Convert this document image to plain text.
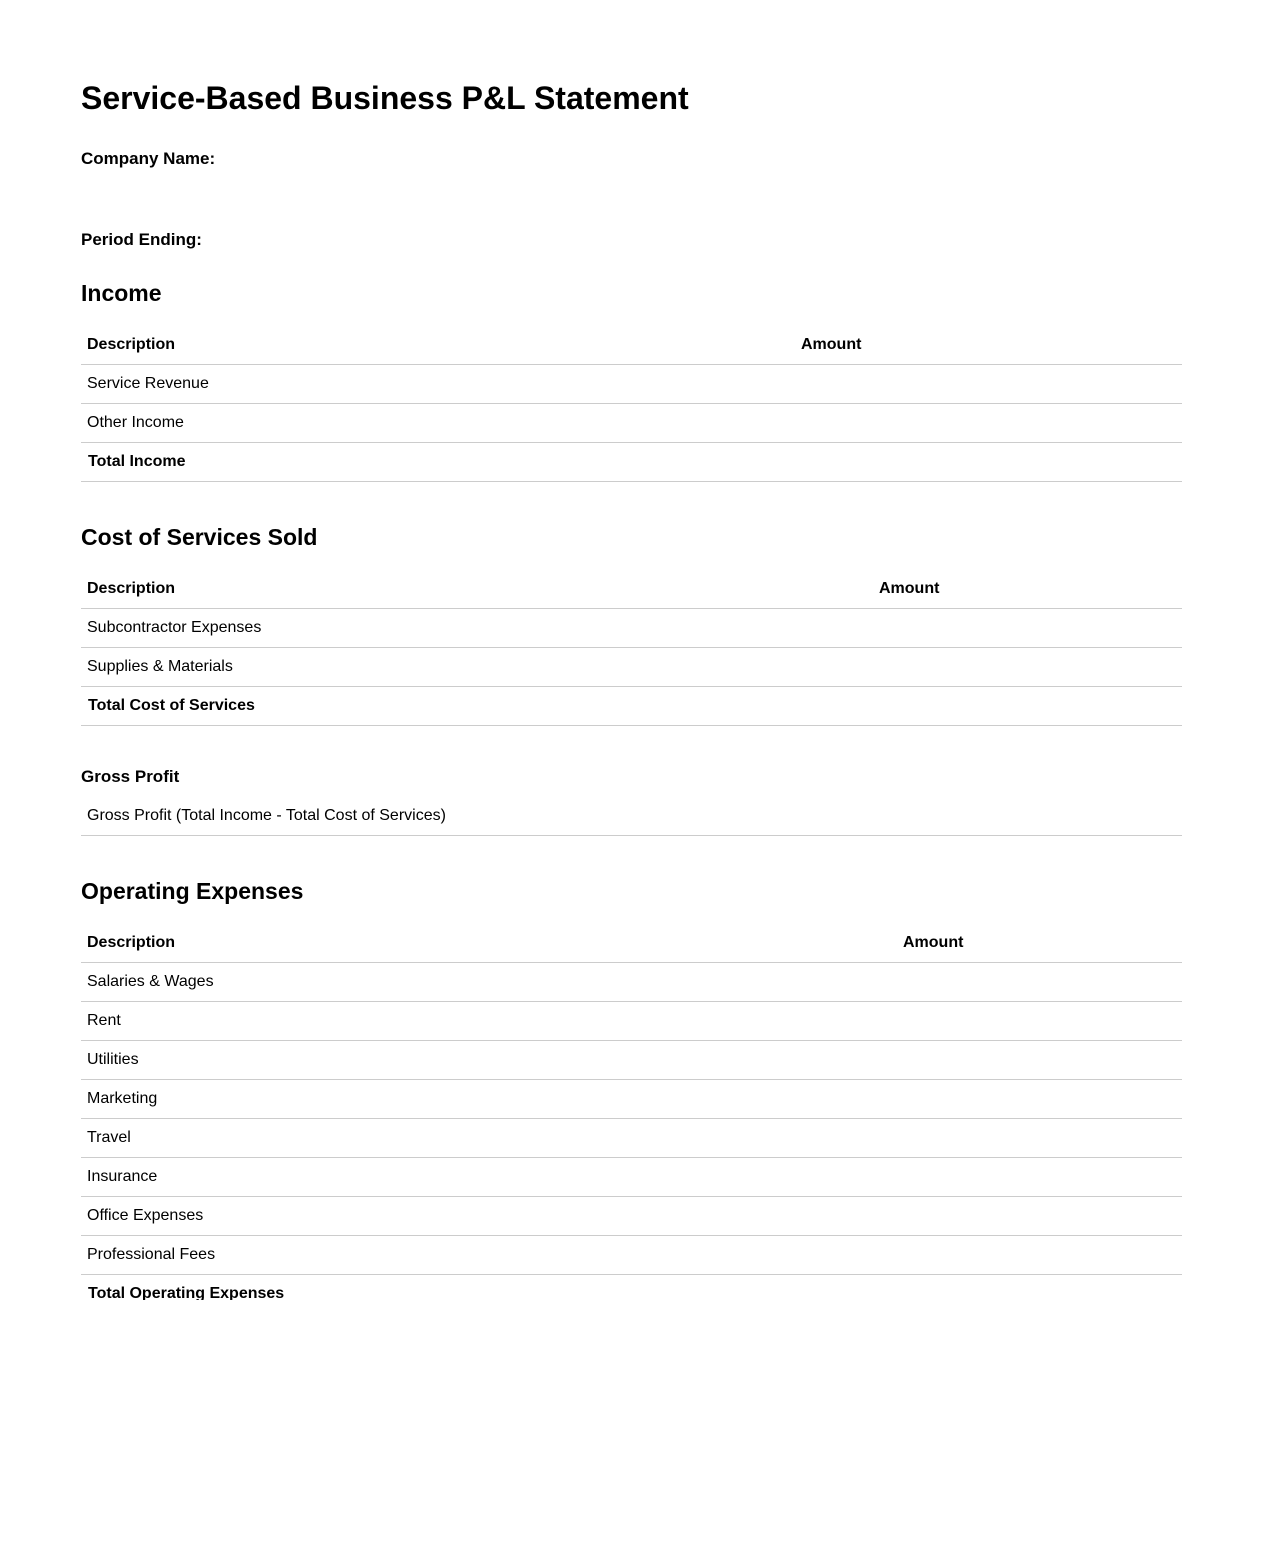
Service-Based Business P&L Statement

Company Name:

Period Ending:

Income
Description	Amount
Service Revenue	
Other Income	
Total Income	
Cost of Services Sold
Description	Amount
Subcontractor Expenses	
Supplies & Materials	
Total Cost of Services	
Gross Profit
Gross Profit (Total Income - Total Cost of Services)
Operating Expenses
Description	Amount
Salaries & Wages	
Rent	
Utilities	
Marketing	
Travel	
Insurance	
Office Expenses	
Professional Fees	
Total Operating Expenses	
